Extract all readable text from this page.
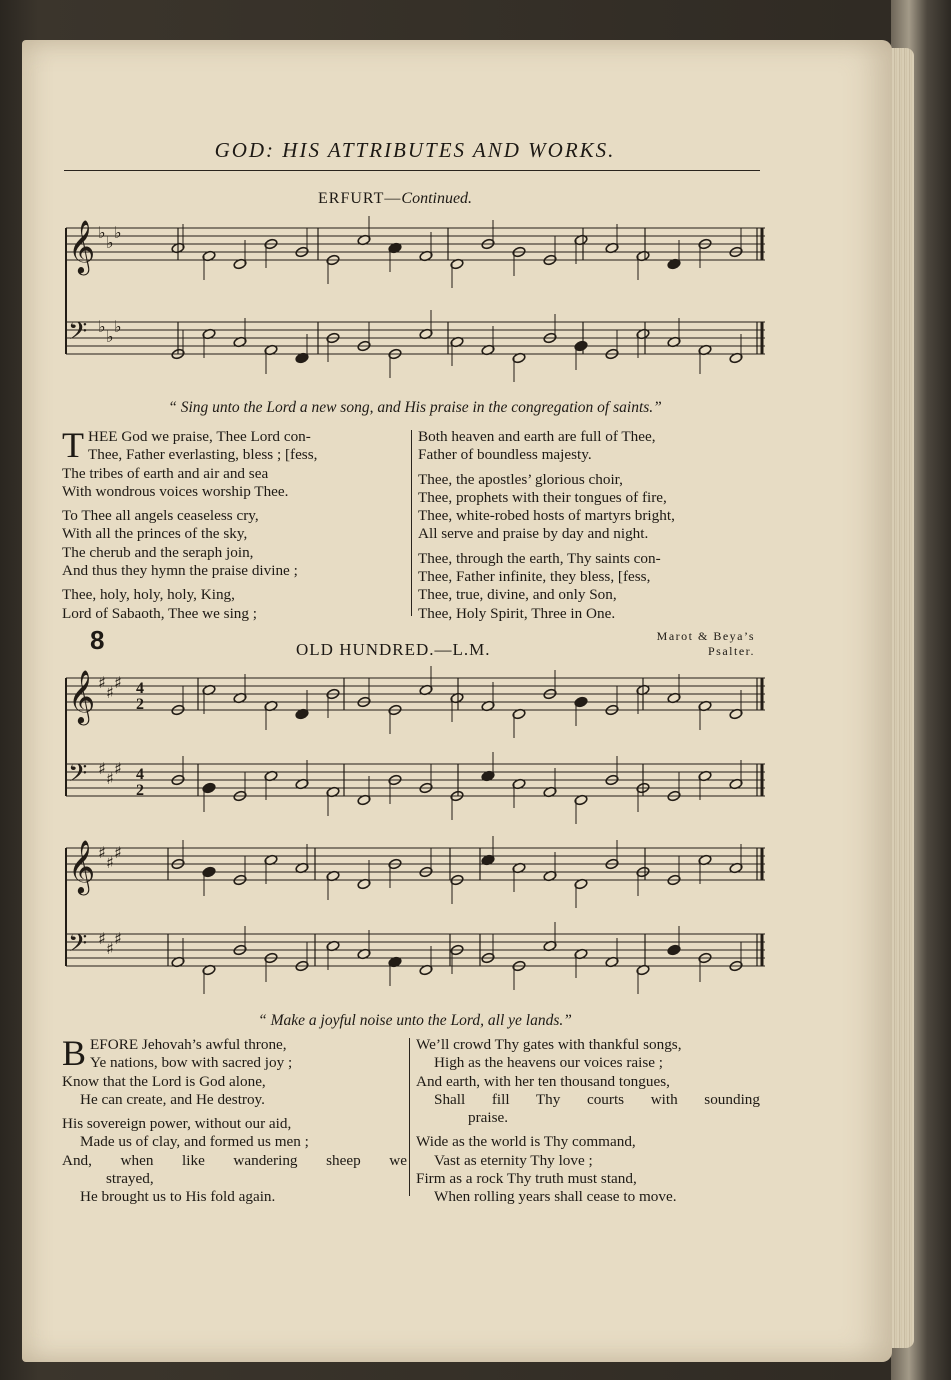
GOD: HIS ATTRIBUTES AND WORKS.
ERFURT—Continued.
𝄞 ♭
♭
♭
𝄢 ♭
♭
♭
“ Sing unto the Lord a new song, and His praise in the congregation of saints.”
T HEE God we praise, Thee Lord con-

Thee, Father everlasting, bless ; [fess,

The tribes of earth and air and sea

With wondrous voices worship Thee.

To Thee all angels ceaseless cry,

With all the princes of the sky,

The cherub and the seraph join,

And thus they hymn the praise divine ;

Thee, holy, holy, holy, King,

Lord of Sabaoth, Thee we sing ;

Both heaven and earth are full of Thee,

Father of boundless majesty.

Thee, the apostles’ glorious choir,

Thee, prophets with their tongues of fire,

Thee, white-robed hosts of martyrs bright,

All serve and praise by day and night.

Thee, through the earth, Thy saints con-

Thee, Father infinite, they bless, [fess,

Thee, true, divine, and only Son,

Thee, Holy Spirit, Three in One.

8	OLD HUNDRED.—L.M.
Marot & Beya’s
Psalter.
𝄞 ♯
♯
♯
𝄢 ♯
♯
♯
4
2
4
2
𝄞 ♯
♯
♯
𝄢 ♯
♯
♯
“ Make a joyful noise unto the Lord, all ye lands.”
B EFORE Jehovah’s awful throne,

Ye nations, bow with sacred joy ;

Know that the Lord is God alone,

He can create, and He destroy.

His sovereign power, without our aid,

Made us of clay, and formed us men ;

And, when like wandering sheep we

strayed,

He brought us to His fold again.

We’ll crowd Thy gates with thankful songs,

High as the heavens our voices raise ;

And earth, with her ten thousand tongues,

Shall fill Thy courts with sounding

praise.

Wide as the world is Thy command,

Vast as eternity Thy love ;

Firm as a rock Thy truth must stand,

When rolling years shall cease to move.
